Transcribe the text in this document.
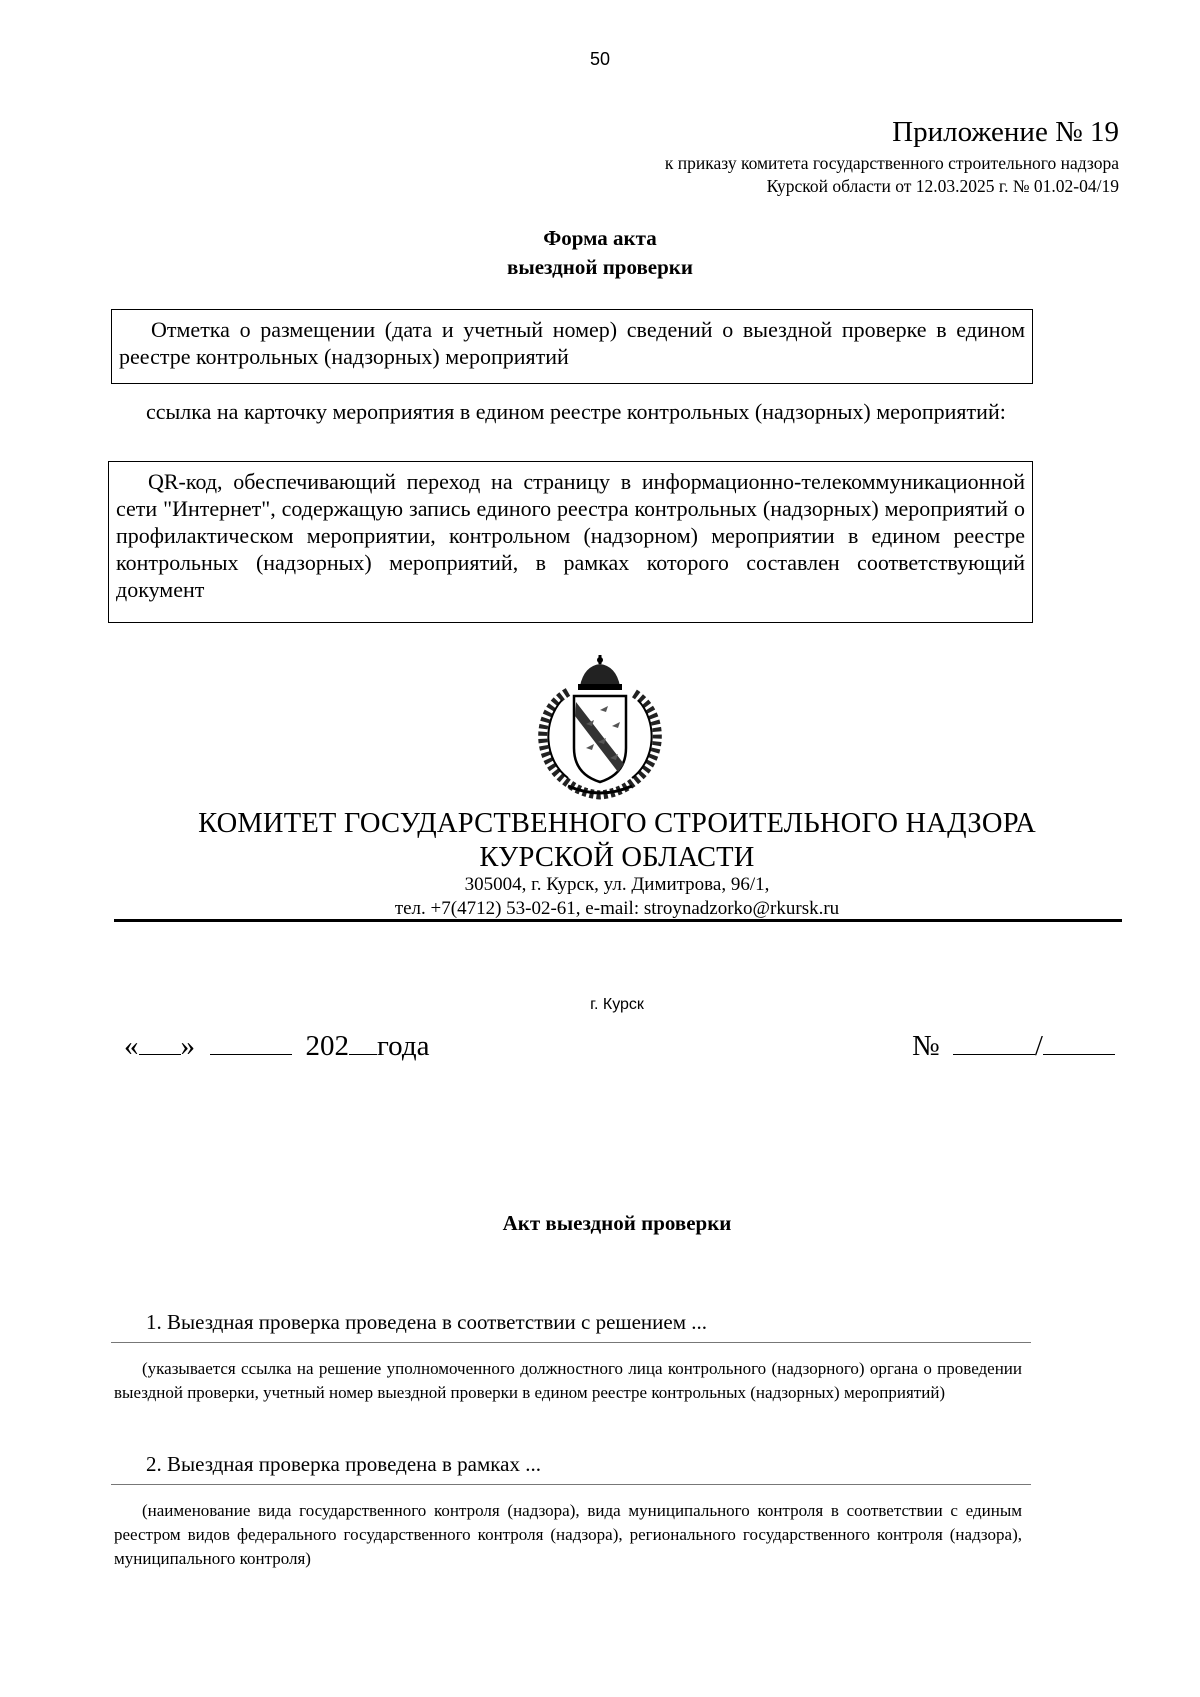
50
Приложение № 19
к приказу комитета государственного строительного надзора
Курской области от 12.03.2025 г. № 01.02-04/19
Форма акта
выездной проверки
Отметка о размещении (дата и учетный номер) сведений о выездной проверке в едином реестре контрольных (надзорных) мероприятий
ссылка на карточку мероприятия в едином реестре контрольных (надзорных) мероприятий:
QR-код, обеспечивающий переход на страницу в информационно-телекоммуникационной сети "Интернет", содержащую запись единого реестра контрольных (надзорных) мероприятий о профилактическом мероприятии, контрольном (надзорном) мероприятии в едином реестре контрольных (надзорных) мероприятий, в рамках которого составлен соответствующий документ
КОМИТЕТ ГОСУДАРСТВЕННОГО СТРОИТЕЛЬНОГО НАДЗОРА
КУРСКОЙ ОБЛАСТИ
305004, г. Курск, ул. Димитрова, 96/1,
тел. +7(4712) 53-02-61, e-mail: stroynadzorko@rkursk.ru
г. Курск
« »	202 года	№	/
Акт выездной проверки
1. Выездная проверка проведена в соответствии с решением ...
(указывается ссылка на решение уполномоченного должностного лица контрольного (надзорного) органа о проведении выездной проверки, учетный номер выездной проверки в едином реестре контрольных (надзорных) мероприятий)
2. Выездная проверка проведена в рамках ...
(наименование вида государственного контроля (надзора), вида муниципального контроля в соответствии с единым реестром видов федерального государственного контроля (надзора), регионального государственного контроля (надзора), муниципального контроля)
